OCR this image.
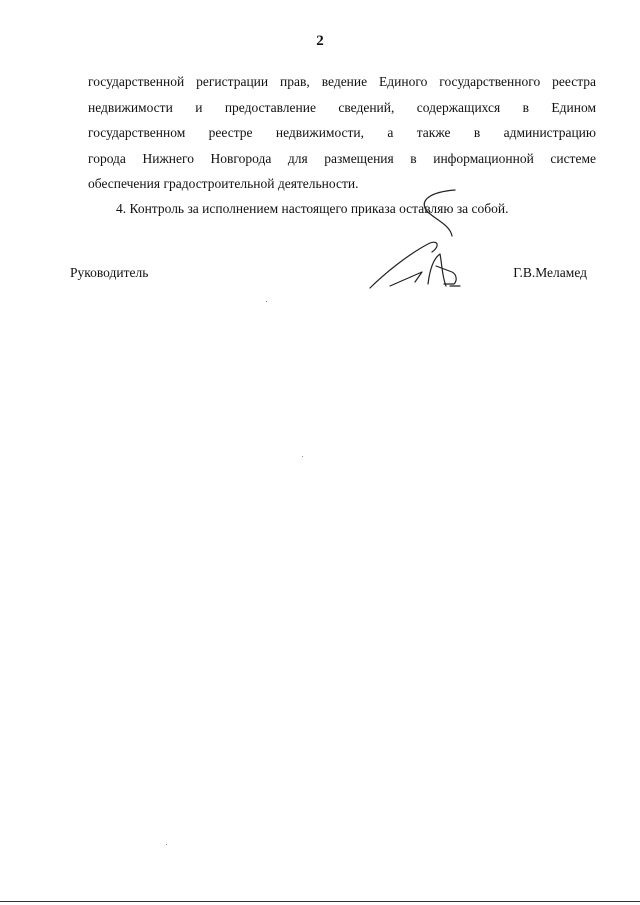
2
государственной регистрации прав, ведение Единого государственного реестра
недвижимости и предоставление сведений, содержащихся в Едином
государственном реестре недвижимости, а также в администрацию
города Нижнего Новгорода для размещения в информационной системе
обеспечения градостроительной деятельности.
4. Контроль за исполнением настоящего приказа оставляю за собой.
Руководитель	Г.В.Меламед
